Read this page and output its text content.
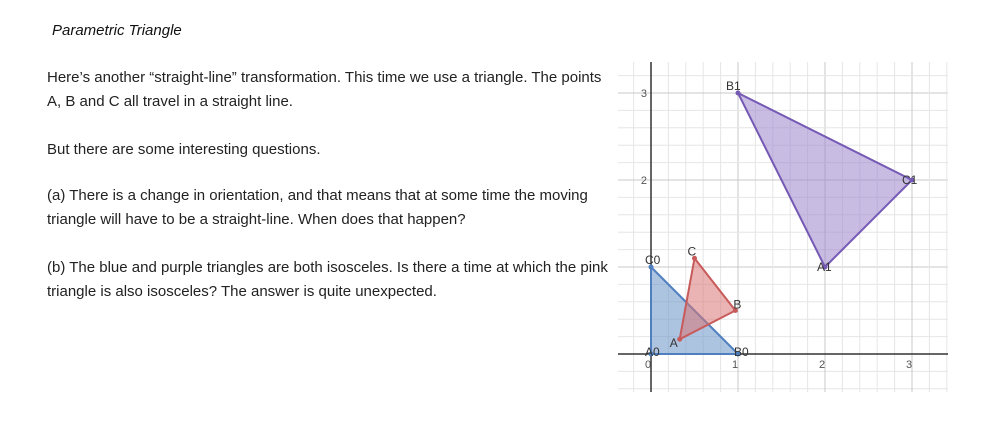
Parametric Triangle

Here’s another “straight-line” transformation. This time we use a triangle. The points A, B and C all travel in a straight line.

But there are some interesting questions.

(a) There is a change in orientation, and that means that at some time the moving triangle will have to be a straight-line. When does that happen?

(b) The blue and purple triangles are both isosceles. Is there a time at which the pink triangle is also isosceles? The answer is quite unexpected.

0	1	2	3
2
3
A0	B0
C0
A
B
C
A1
B1
C1
